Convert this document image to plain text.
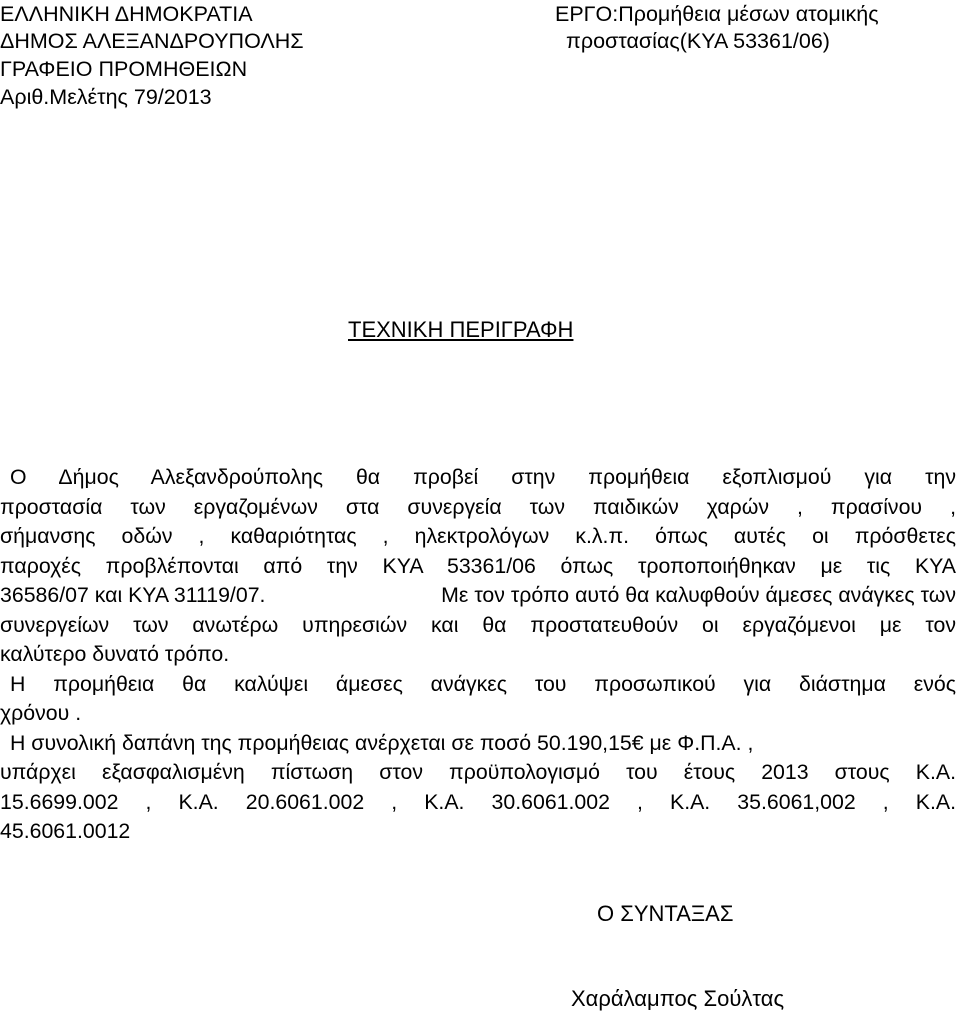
ΕΛΛΗΝΙΚΗ ΔΗΜΟΚΡΑΤΙΑ
ΔΗΜΟΣ ΑΛΕΞΑΝΔΡΟΥΠΟΛΗΣ
ΓΡΑΦΕΙΟ ΠΡΟΜΗΘΕΙΩΝ
Αριθ.Μελέτης 79/2013
ΕΡΓΟ:Προμήθεια μέσων ατομικής
προστασίας(ΚΥΑ 53361/06)
ΤΕΧΝΙΚΗ ΠΕΡΙΓΡΑΦΗ
Ο Δήμος Αλεξανδρούπολης θα προβεί στην προμήθεια εξοπλισμού για την
προστασία των εργαζομένων στα συνεργεία των παιδικών χαρών , πρασίνου ,
σήμανσης οδών , καθαριότητας , ηλεκτρολόγων κ.λ.π. όπως αυτές οι πρόσθετες
παροχές προβλέπονται από την ΚΥΑ 53361/06 όπως τροποποιήθηκαν με τις ΚΥΑ
36586/07 και ΚΥΑ 31119/07.	Με τον τρόπο αυτό θα καλυφθούν άμεσες ανάγκες των
συνεργείων των ανωτέρω υπηρεσιών και θα προστατευθούν οι εργαζόμενοι με τον
καλύτερο δυνατό τρόπο.
Η προμήθεια θα καλύψει άμεσες ανάγκες του προσωπικού για διάστημα ενός
χρόνου .
Η συνολική δαπάνη της προμήθειας ανέρχεται σε ποσό 50.190,15€ με Φ.Π.Α. ,
υπάρχει εξασφαλισμένη πίστωση στον προϋπολογισμό του έτους 2013 στους Κ.Α.
15.6699.002 , Κ.Α. 20.6061.002 , Κ.Α. 30.6061.002 , Κ.Α. 35.6061,002 , Κ.Α.
45.6061.0012
Ο ΣΥΝΤΑΞΑΣ
Χαράλαμπος Σούλτας
